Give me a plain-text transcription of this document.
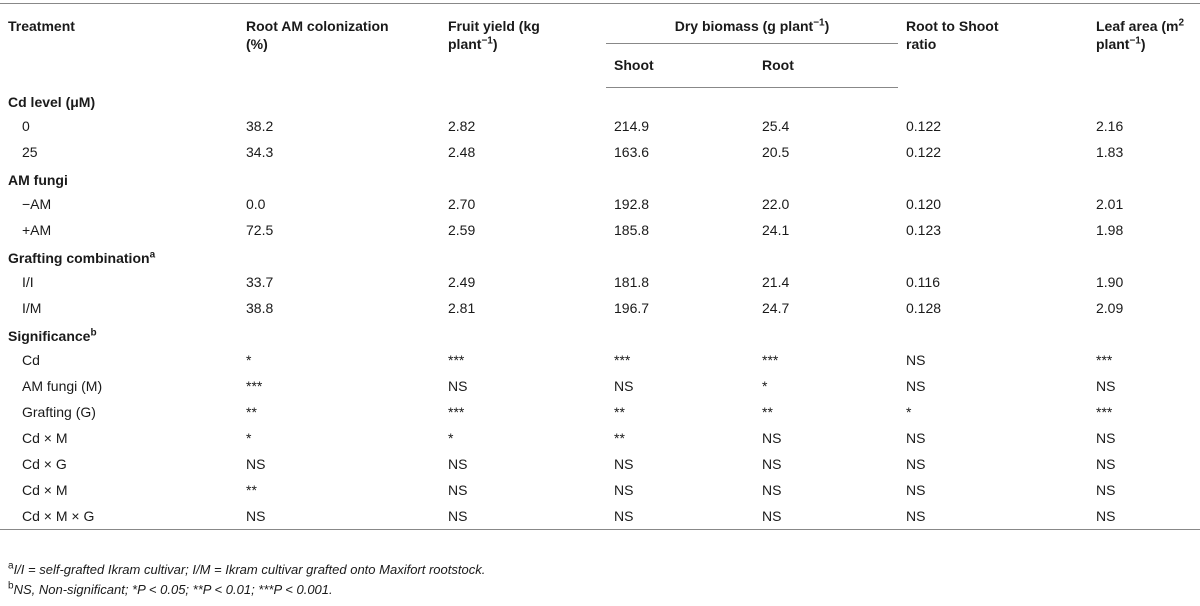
Treatment	Root AM colonization (%)	Fruit yield (kg plant$^{-1}$)	Dry biomass (g plant$^{-1}$)		Root to Shoot ratio	Leaf area ($m^2$ plant$^{-1}$)
			Shoot	Root		
Cd level (μM)						
0	38.2	2.82	214.9	25.4	0.122	2.16
25	34.3	2.48	163.6	20.5	0.122	1.83
AM fungi						
−AM	0.0	2.70	192.8	22.0	0.120	2.01
+AM	72.5	2.59	185.8	24.1	0.123	1.98
Grafting combination$^a$
I/I	33.7	2.49	181.8	21.4	0.116	1.90
I/M	38.8	2.81	196.7	24.7	0.128	2.09
Significance$^b$
Cd	*	***	***	***	NS	***
AM fungi (M)	***	NS	NS	*	NS	NS
Grafting (G)	**	***	**	**	*	***
Cd × M	*	*	**	NS	NS	NS
Cd × G	NS	NS	NS	NS	NS	NS
Cd × M	**	NS	NS	NS	NS	NS
Cd × M × G	NS	NS	NS	NS	NS	NS
$^a$I/I = self-grafted Ikram cultivar; I/M = Ikram cultivar grafted onto Maxifort rootstock.
$^b$NS, Non-significant; *P < 0.05; **P < 0.01; ***P < 0.001.
